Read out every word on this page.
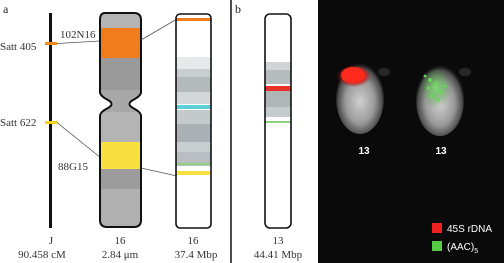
a
Satt 405
Satt 622
102N16
88G15
J
90.458 cM
16
2.84 μm
16
37.4 Mbp
b
13
44.41 Mbp
13	13
45S rDNA
$(AAC)_5$
